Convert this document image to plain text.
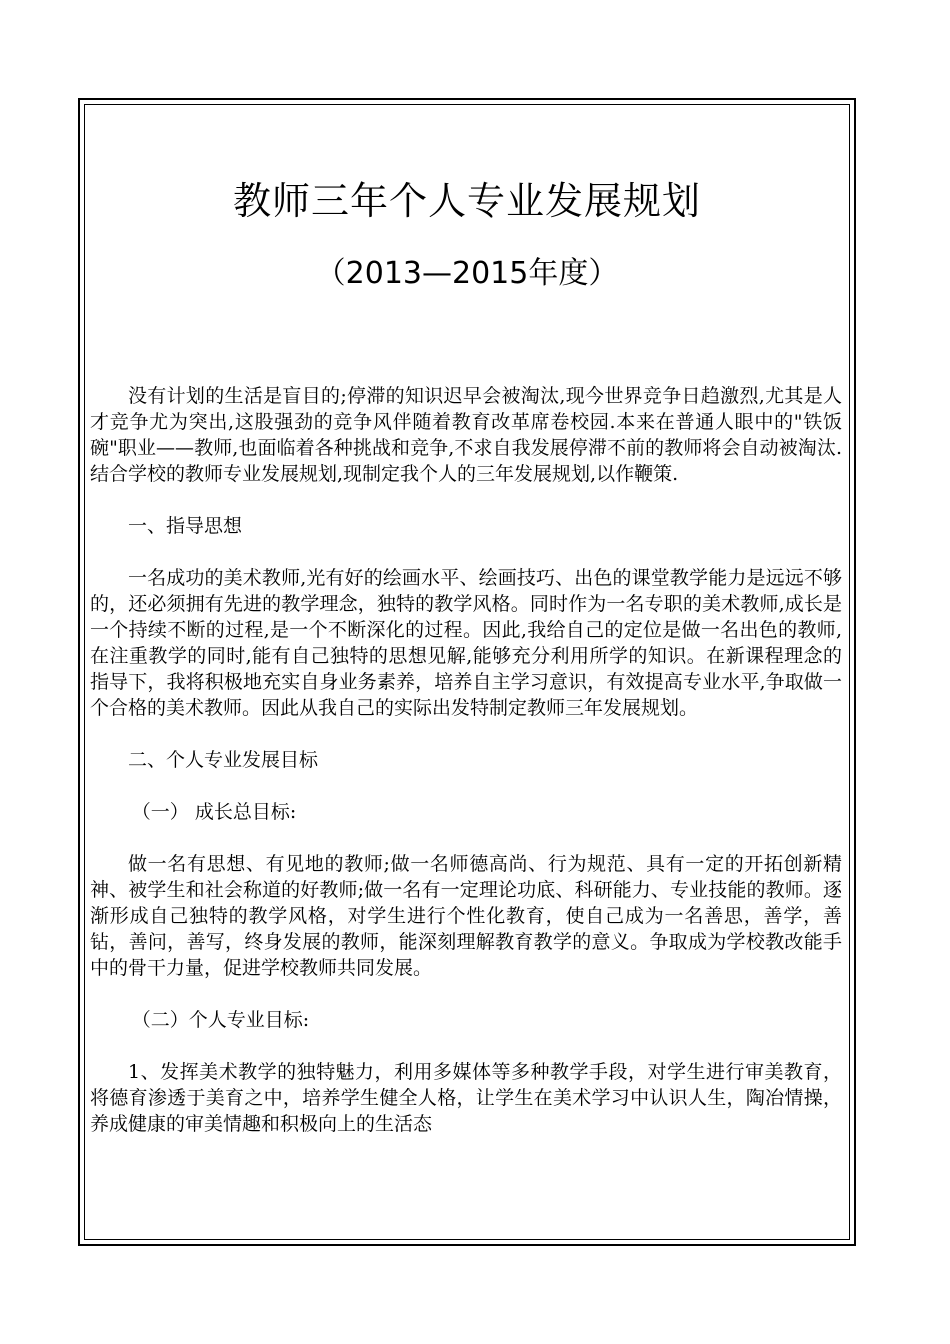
教师三年个人专业发展规划
（2013—2015年度）

没有计划的生活是盲目的;停滞的知识迟早会被淘汰,现今世界竞争日趋激烈,尤其是人才竞争尤为突出,这股强劲的竞争风伴随着教育改革席卷校园.本来在普通人眼中的"铁饭碗"职业——教师,也面临着各种挑战和竞争,不求自我发展停滞不前的教师将会自动被淘汰.结合学校的教师专业发展规划,现制定我个人的三年发展规划,以作鞭策.

一、指导思想

一名成功的美术教师,光有好的绘画水平、绘画技巧、出色的课堂教学能力是远远不够的，还必须拥有先进的教学理念，独特的教学风格。同时作为一名专职的美术教师,成长是一个持续不断的过程,是一个不断深化的过程。因此,我给自己的定位是做一名出色的教师,在注重教学的同时,能有自己独特的思想见解,能够充分利用所学的知识。在新课程理念的指导下，我将积极地充实自身业务素养，培养自主学习意识，有效提高专业水平,争取做一个合格的美术教师。因此从我自己的实际出发特制定教师三年发展规划。

二、个人专业发展目标

（一） 成长总目标:

做一名有思想、有见地的教师;做一名师德高尚、行为规范、具有一定的开拓创新精神、被学生和社会称道的好教师;做一名有一定理论功底、科研能力、专业技能的教师。逐渐形成自己独特的教学风格，对学生进行个性化教育，使自己成为一名善思，善学，善钻，善问，善写，终身发展的教师，能深刻理解教育教学的意义。争取成为学校教改能手中的骨干力量，促进学校教师共同发展。

（二）个人专业目标:

1、发挥美术教学的独特魅力，利用多媒体等多种教学手段，对学生进行审美教育，将德育渗透于美育之中，培养学生健全人格，让学生在美术学习中认识人生，陶冶情操，养成健康的审美情趣和积极向上的生活态
